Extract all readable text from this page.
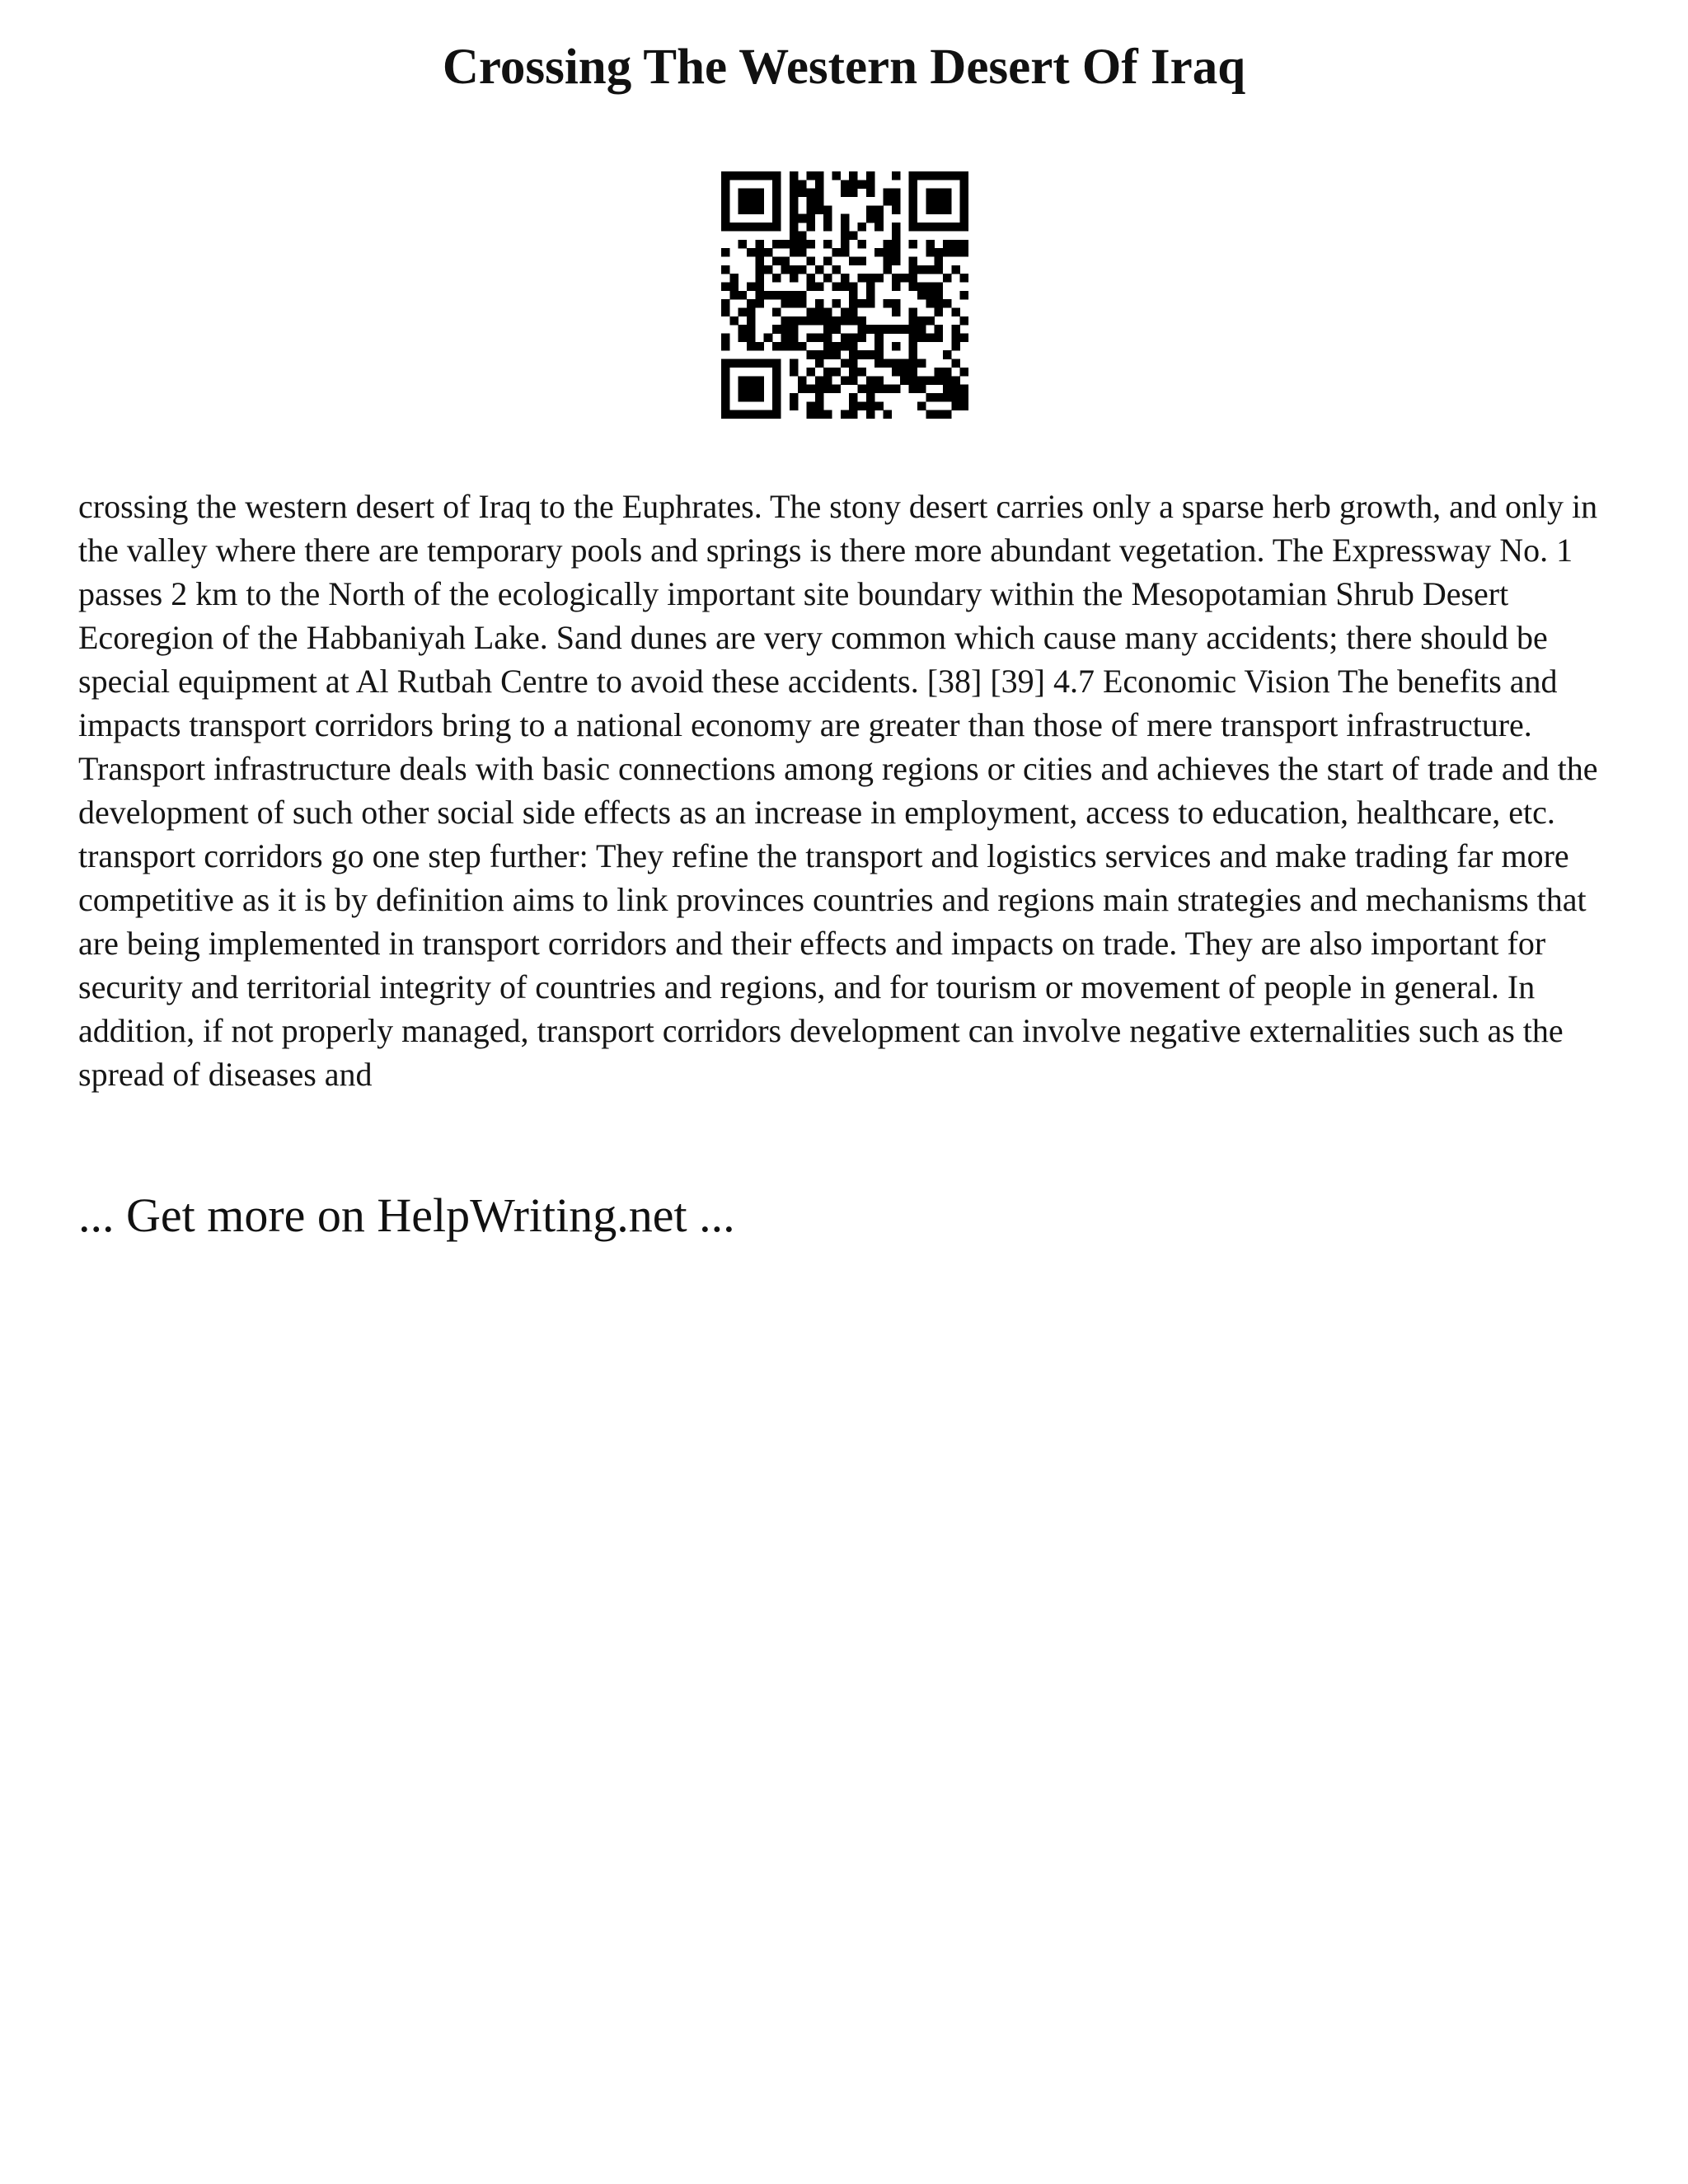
Crossing The Western Desert Of Iraq

crossing the western desert of Iraq to the Euphrates. The stony desert carries only a sparse herb growth, and only in the valley where there are temporary pools and springs is there more abundant vegetation. The Expressway No. 1 passes 2 km to the North of the ecologically important site boundary within the Mesopotamian Shrub Desert Ecoregion of the Habbaniyah Lake. Sand dunes are very common which cause many accidents; there should be special equipment at Al Rutbah Centre to avoid these accidents. [38] [39] 4.7 Economic Vision The benefits and impacts transport corridors bring to a national economy are greater than those of mere transport infrastructure. Transport infrastructure deals with basic connections among regions or cities and achieves the start of trade and the development of such other social side effects as an increase in employment, access to education, healthcare, etc. transport corridors go one step further: They refine the transport and logistics services and make trading far more competitive as it is by definition aims to link provinces countries and regions main strategies and mechanisms that are being implemented in transport corridors and their effects and impacts on trade. They are also important for security and territorial integrity of countries and regions, and for tourism or movement of people in general. In addition, if not properly managed, transport corridors development can involve negative externalities such as the spread of diseases and

... Get more on HelpWriting.net ...
